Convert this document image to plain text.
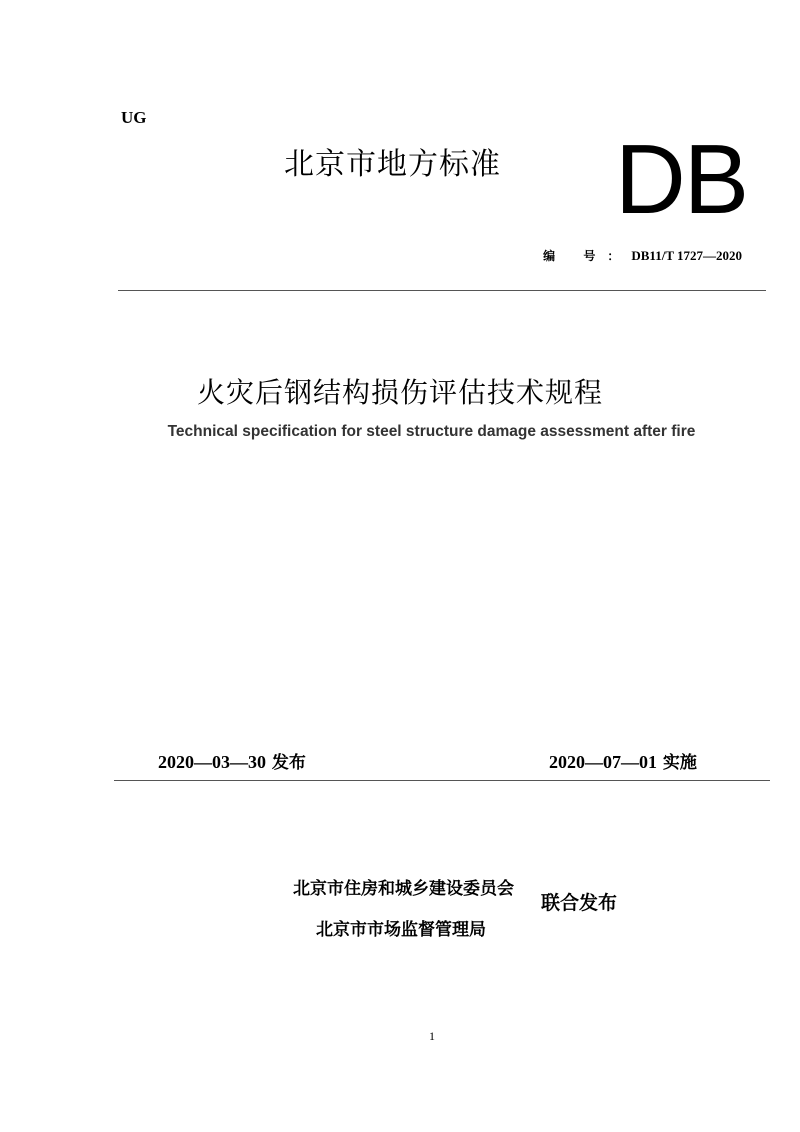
UG
北京市地方标准 DB
编 号：DB11/T 1727—2020
火灾后钢结构损伤评估技术规程
Technical specification for steel structure damage assessment after fire
2020—03—30 发布	2020—07—01 实施
北京市住房和城乡建设委员会
北京市市场监督管理局
联合发布
1
